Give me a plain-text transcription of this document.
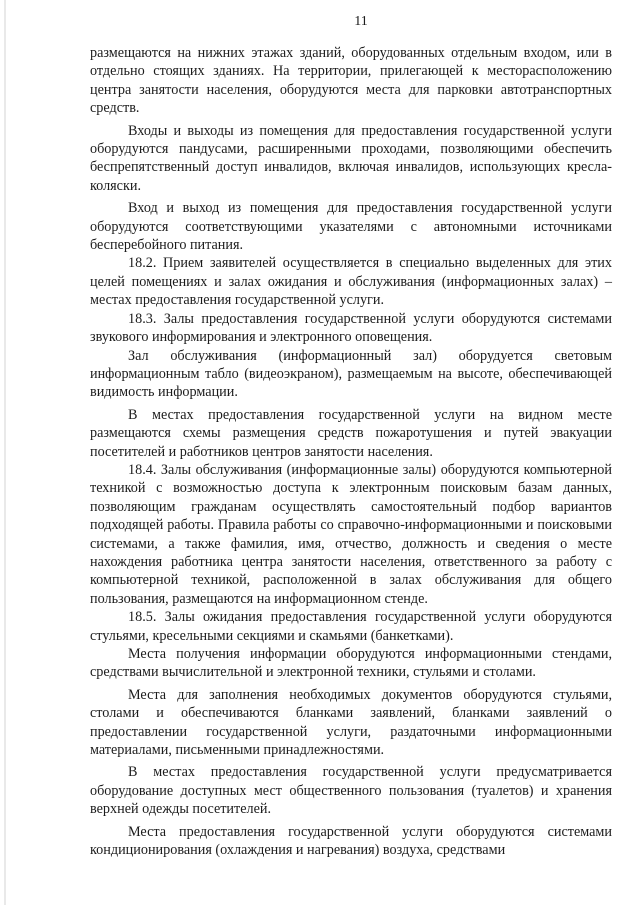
11

размещаются на нижних этажах зданий, оборудованных отдельным входом, или в отдельно стоящих зданиях. На территории, прилегающей к месторасположению центра занятости населения, оборудуются места для парковки автотранспортных средств.

Входы и выходы из помещения для предоставления государственной услуги оборудуются пандусами, расширенными проходами, позволяющими обеспечить беспрепятственный доступ инвалидов, включая инвалидов, использующих кресла-коляски.

Вход и выход из помещения для предоставления государственной услуги оборудуются соответствующими указателями с автономными источниками бесперебойного питания.

18.2. Прием заявителей осуществляется в специально выделенных для этих целей помещениях и залах ожидания и обслуживания (информационных залах) – местах предоставления государственной услуги.

18.3. Залы предоставления государственной услуги оборудуются системами звукового информирования и электронного оповещения.

Зал обслуживания (информационный зал) оборудуется световым информационным табло (видеоэкраном), размещаемым на высоте, обеспечивающей видимость информации.

В местах предоставления государственной услуги на видном месте размещаются схемы размещения средств пожаротушения и путей эвакуации посетителей и работников центров занятости населения.

18.4. Залы обслуживания (информационные залы) оборудуются компьютерной техникой с возможностью доступа к электронным поисковым базам данных, позволяющим гражданам осуществлять самостоятельный подбор вариантов подходящей работы. Правила работы со справочно-информационными и поисковыми системами, а также фамилия, имя, отчество, должность и сведения о месте нахождения работника центра занятости населения, ответственного за работу с компьютерной техникой, расположенной в залах обслуживания для общего пользования, размещаются на информационном стенде.

18.5. Залы ожидания предоставления государственной услуги оборудуются стульями, кресельными секциями и скамьями (банкетками).

Места получения информации оборудуются информационными стендами, средствами вычислительной и электронной техники, стульями и столами.

Места для заполнения необходимых документов оборудуются стульями, столами и обеспечиваются бланками заявлений, бланками заявлений о предоставлении государственной услуги, раздаточными информационными материалами, письменными принадлежностями.

В местах предоставления государственной услуги предусматривается оборудование доступных мест общественного пользования (туалетов) и хранения верхней одежды посетителей.

Места предоставления государственной услуги оборудуются системами кондиционирования (охлаждения и нагревания) воздуха, средствами
